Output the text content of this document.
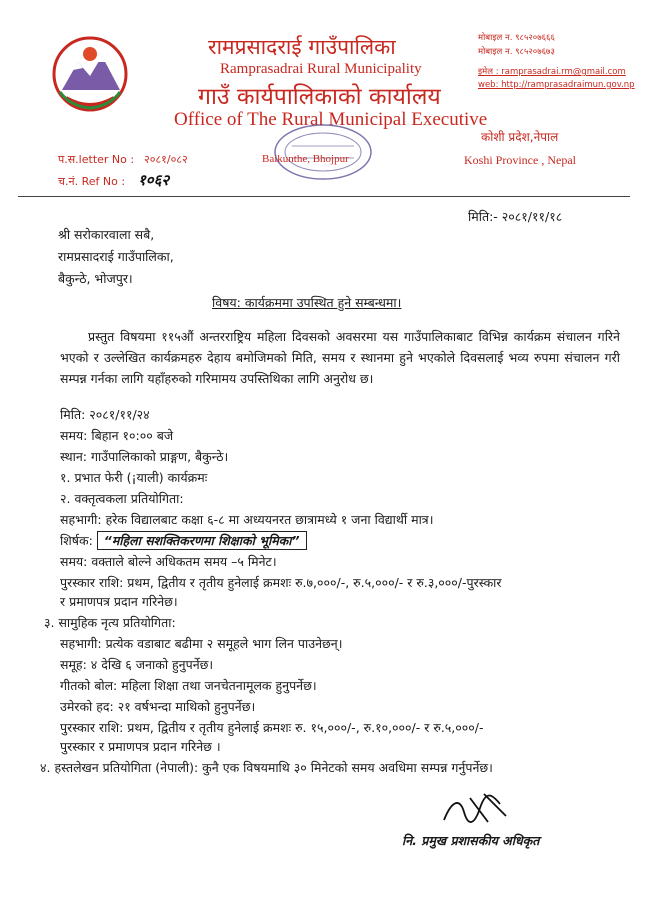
रामप्रसादराई गाउँपालिका
Ramprasadrai Rural Municipality
गाउँ कार्यपालिकाको कार्यालय
Office of The Rural Municipal Executive
मोबाइल न. ९८५२०७६६६
मोबाइल न. ९८५२०७६७३
इमेल : ramprasadrai.rm@gmail.com
web: http://ramprasadraimun.gov.np
कोशी प्रदेश,नेपाल
Koshi Province , Nepal
Baikunthe, Bhojpur
प.स.letter No : २०८१/०८२
च.नं. Ref No : १०६२
मिति:- २०८१/११/१८
श्री सरोकारवाला सबै,
रामप्रसादराई गाउँपालिका,
बैकुन्ठे, भोजपुर।
विषय: कार्यक्रममा उपस्थित हुने सम्बन्धमा।
प्रस्तुत विषयमा ११५औं अन्तरराष्ट्रिय महिला दिवसको अवसरमा यस गाउँपालिकाबाट विभिन्न कार्यक्रम संचालन गरिने भएको र उल्लेखित कार्यक्रमहरु देहाय बमोजिमको मिति, समय र स्थानमा हुने भएकोले दिवसलाई भव्य रुपमा संचालन गरी सम्पन्न गर्नका लागि यहाँहरुको गरिमामय उपस्तिथिका लागि अनुरोध छ।
मिति: २०८१/११/२४
समय: बिहान १०:०० बजे
स्थान: गाउँपालिकाको प्राङ्गण, बैकुन्ठे।
१. प्रभात फेरी (¡याली) कार्यक्रमः
२. वक्तृत्वकला प्रतियोगिता:
सहभागी: हरेक विद्यालबाट कक्षा ६-८ मा अध्ययनरत छात्रामध्ये १ जना विद्यार्थी मात्र।
शिर्षक: “महिला सशक्तिकरणमा शिक्षाको भूमिका”
समय: वक्ताले बोल्ने अधिकतम समय –५ मिनेट।
पुरस्कार राशि: प्रथम, द्वितीय र तृतीय हुनेलाई क्रमशः रु.७,०००/-, रु.५,०००/- र रु.३,०००/-पुरस्कार
र प्रमाणपत्र प्रदान गरिनेछ।
३. सामुहिक नृत्य प्रतियोगिता:
सहभागी: प्रत्येक वडाबाट बढीमा २ समूहले भाग लिन पाउनेछन्।
समूह: ४ देखि ६ जनाको हुनुपर्नेछ।
गीतको बोल: महिला शिक्षा तथा जनचेतनामूलक हुनुपर्नेछ।
उमेरको हद: २१ वर्षभन्दा माथिको हुनुपर्नेछ।
पुरस्कार राशि: प्रथम, द्वितीय र तृतीय हुनेलाई क्रमशः रु. १५,०००/-, रु.१०,०००/- र रु.५,०००/-
पुरस्कार र प्रमाणपत्र प्रदान गरिनेछ ।
४. हस्तलेखन प्रतियोगिता (नेपाली): कुनै एक विषयमाथि ३० मिनेटको समय अवधिमा सम्पन्न गर्नुपर्नेछ।
नि. प्रमुख प्रशासकीय अधिकृत
